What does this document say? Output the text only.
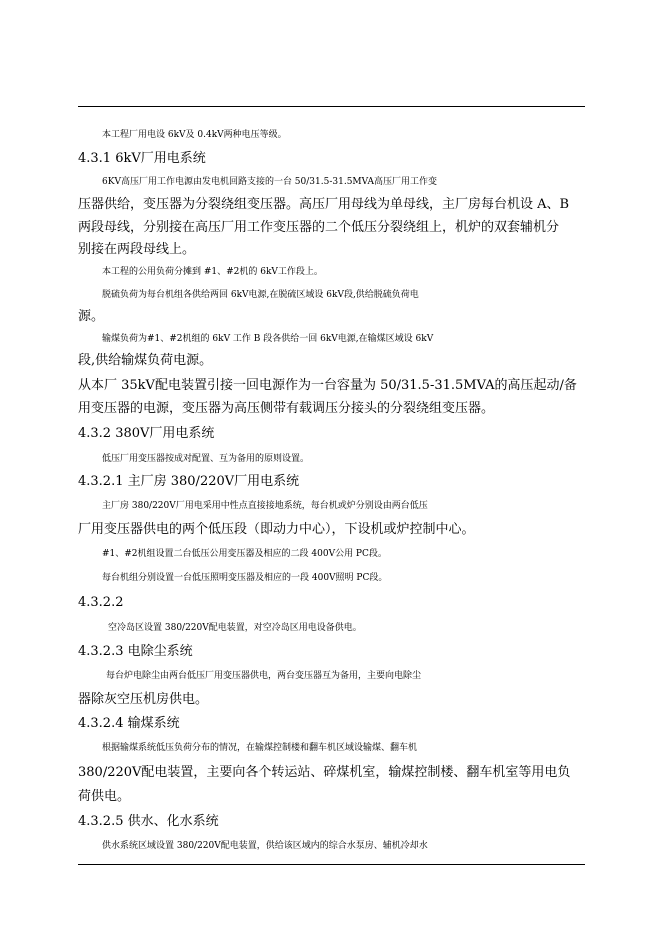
本工程厂用电设 6kV及 0.4kV两种电压等级。
4.3.1 6kV厂用电系统
6KV高压厂用工作电源由发电机回路支接的一台 50/31.5-31.5MVA高压厂用工作变
压器供给，变压器为分裂绕组变压器。高压厂用母线为单母线，主厂房每台机设 A、B
两段母线，分别接在高压厂用工作变压器的二个低压分裂绕组上，机炉的双套辅机分
别接在两段母线上。
本工程的公用负荷分摊到 #1、#2机的 6kV工作段上。
脱硫负荷为每台机组各供给两回 6kV电源,在脱硫区域设 6kV段,供给脱硫负荷电
源。
输煤负荷为#1、#2机组的 6kV 工作 B 段各供给一回 6kV电源,在输煤区域设 6kV
段,供给输煤负荷电源。
从本厂 35kV配电装置引接一回电源作为一台容量为 50/31.5-31.5MVA的高压起动/备
用变压器的电源，变压器为高压侧带有载调压分接头的分裂绕组变压器。
4.3.2 380V厂用电系统
低压厂用变压器按成对配置、互为备用的原则设置。
4.3.2.1 主厂房 380/220V厂用电系统
主厂房 380/220V厂用电采用中性点直接接地系统，每台机或炉分别设由两台低压
厂用变压器供电的两个低压段（即动力中心），下设机或炉控制中心。
#1、#2机组设置二台低压公用变压器及相应的二段 400V公用 PC段。
每台机组分别设置一台低压照明变压器及相应的一段 400V照明 PC段。
4.3.2.2
空冷岛区设置 380/220V配电装置，对空冷岛区用电设备供电。
4.3.2.3 电除尘系统
每台炉电除尘由两台低压厂用变压器供电，两台变压器互为备用，主要向电除尘
器除灰空压机房供电。
4.3.2.4 输煤系统
根据输煤系统低压负荷分布的情况，在输煤控制楼和翻车机区域设输煤、翻车机
380/220V配电装置，主要向各个转运站、碎煤机室，输煤控制楼、翻车机室等用电负
荷供电。
4.3.2.5 供水、化水系统
供水系统区域设置 380/220V配电装置，供给该区域内的综合水泵房、辅机冷却水
